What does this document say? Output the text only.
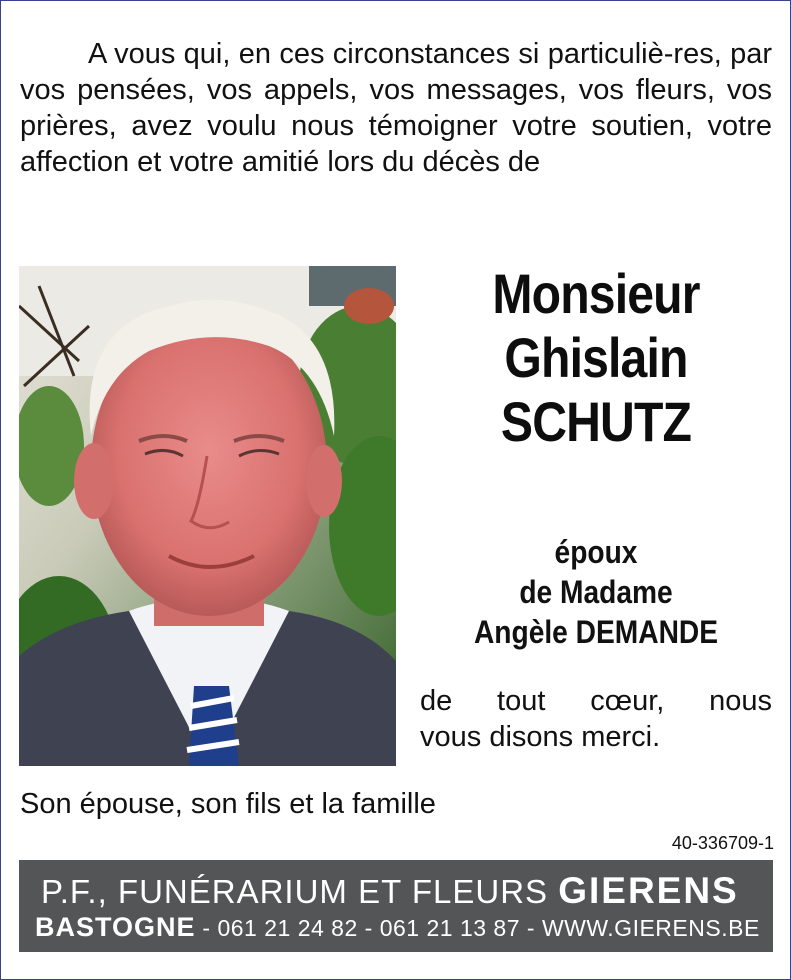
A vous qui, en ces circonstances si particuliè-res, par vos pensées, vos appels, vos messages, vos fleurs, vos prières, avez voulu nous témoigner votre soutien, votre affection et votre amitié lors du décès de

Monsieur
Ghislain
SCHUTZ
époux
de Madame
Angèle DEMANDE

de tout cœur, nous
vous disons merci.

Son épouse, son fils et la famille
40-336709-1
P.F., FUNÉRARIUM ET FLEURS GIERENS
BASTOGNE - 061 21 24 82 - 061 21 13 87 - WWW.GIERENS.BE
